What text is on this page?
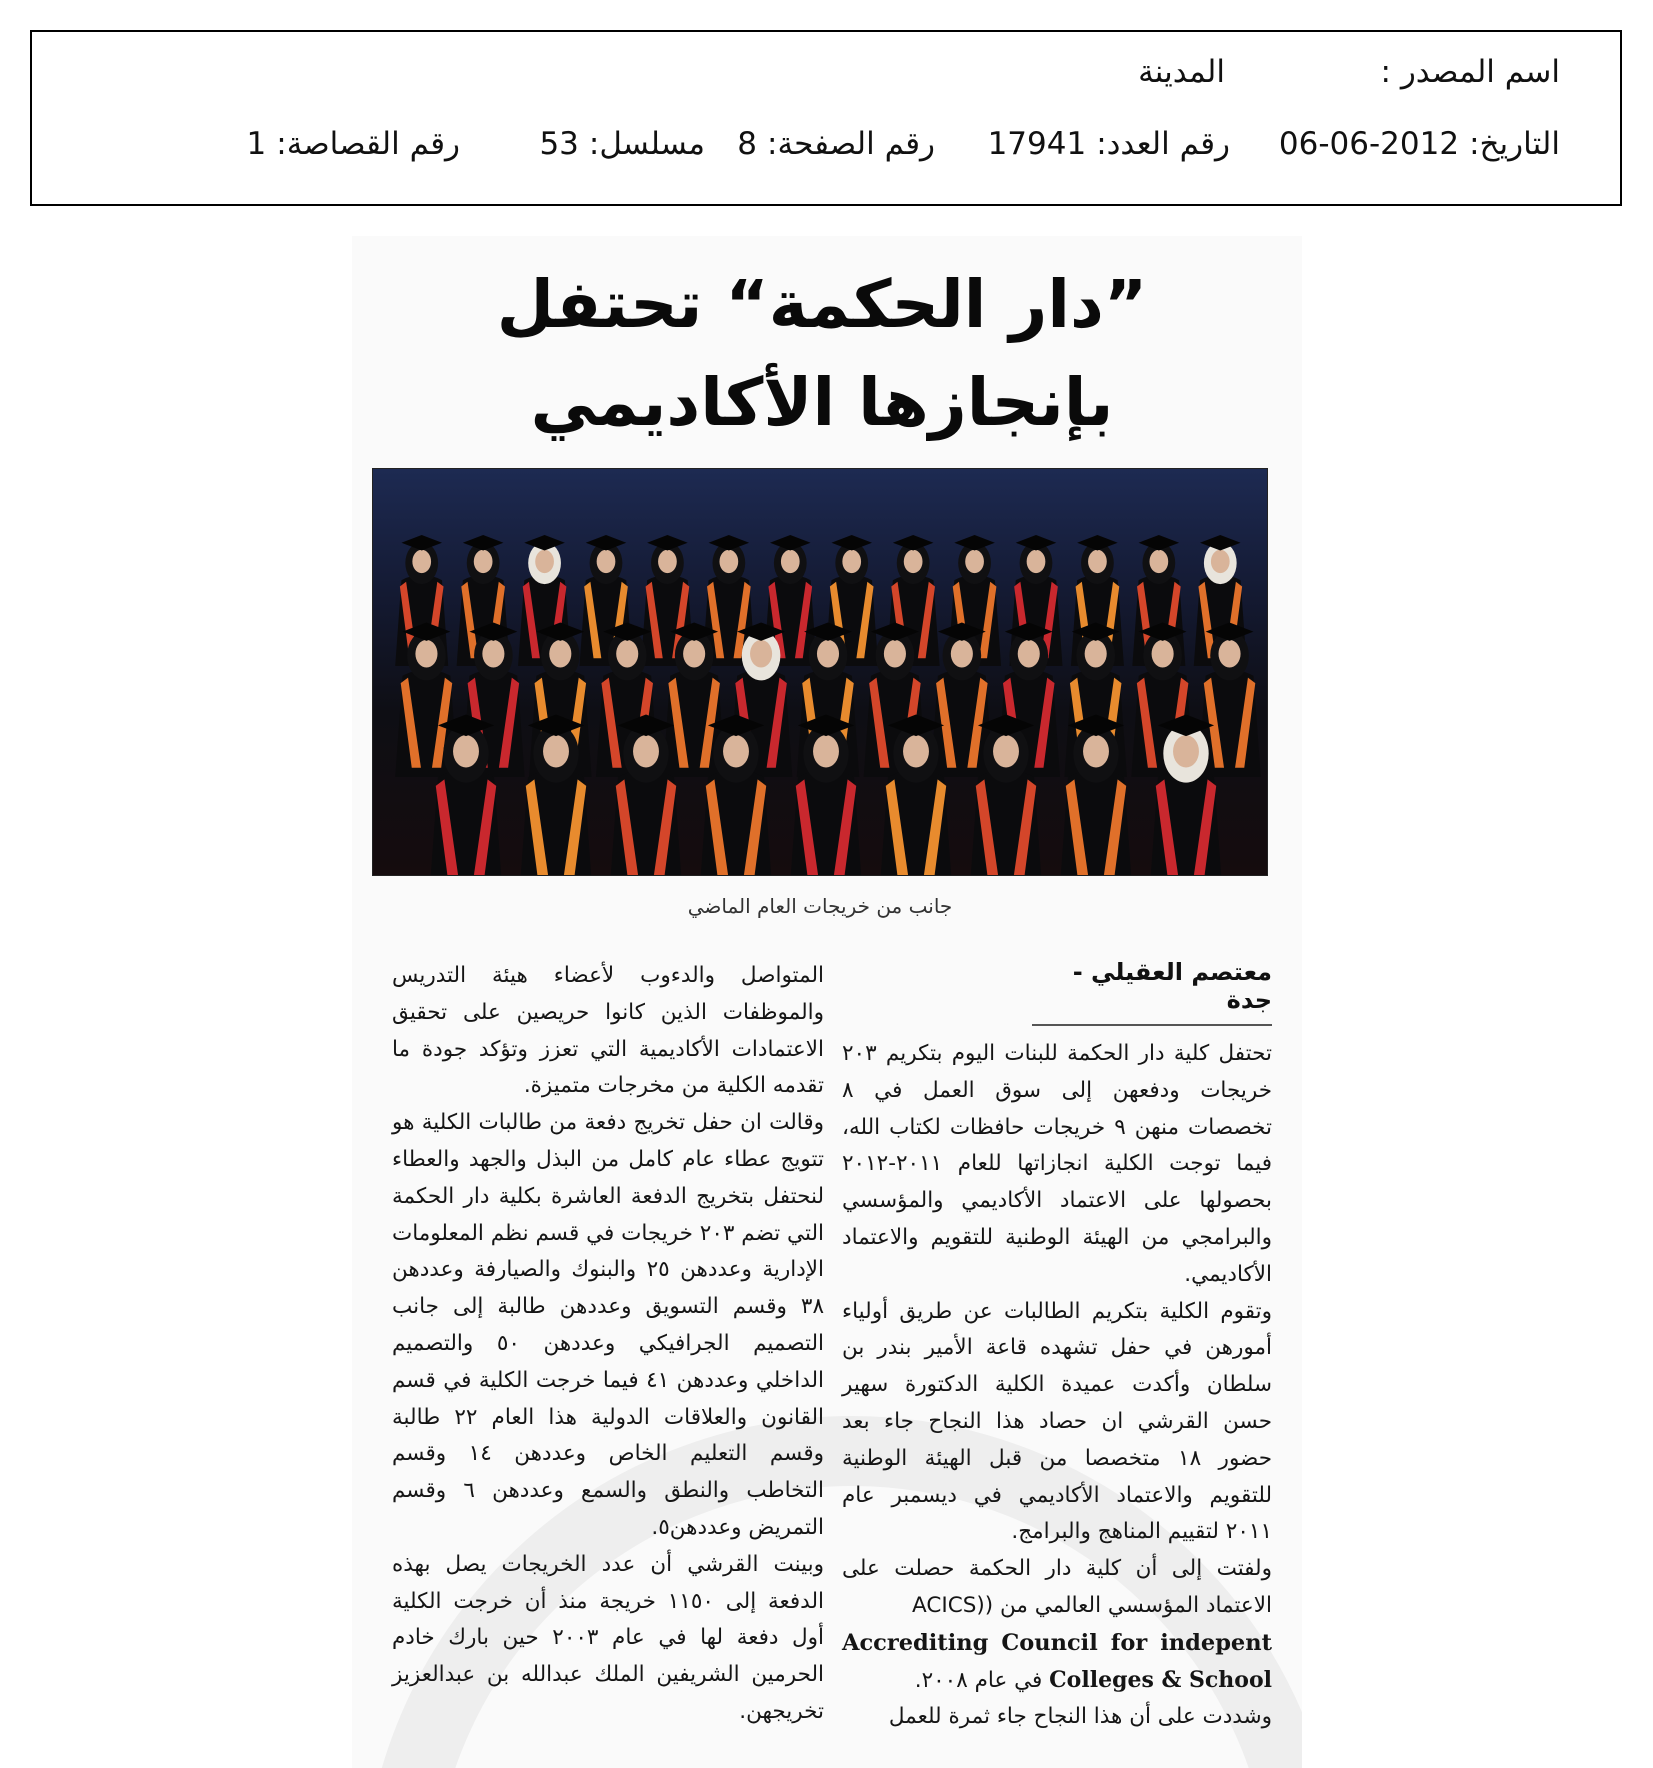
اسم المصدر :
المدينة
التاريخ:2012-06-06
رقم العدد:17941
رقم الصفحة:8
مسلسل:53
رقم القصاصة:1
”دار الحكمة“ تحتفل بإنجازها الأكاديمي
جانب من خريجات العام الماضي
معتصم العقيلي - جدة

تحتفل كلية دار الحكمة للبنات اليوم بتكريم ٢٠٣ خريجات ودفعهن إلى سوق العمل في ٨ تخصصات منهن ٩ خريجات حافظات لكتاب الله، فيما توجت الكلية انجازاتها للعام ٢٠١١-٢٠١٢ بحصولها على الاعتماد الأكاديمي والمؤسسي والبرامجي من الهيئة الوطنية للتقويم والاعتماد الأكاديمي.

وتقوم الكلية بتكريم الطالبات عن طريق أولياء أمورهن في حفل تشهده قاعة الأمير بندر بن سلطان وأكدت عميدة الكلية الدكتورة سهير حسن القرشي ان حصاد هذا النجاح جاء بعد حضور ١٨ متخصصا من قبل الهيئة الوطنية للتقويم والاعتماد الأكاديمي في ديسمبر عام ٢٠١١ لتقييم المناهج والبرامج.

ولفتت إلى أن كلية دار الحكمة حصلت على الاعتماد المؤسسي العالمي من ((ACICS

Accrediting Council for indepent

Colleges & School في عام ٢٠٠٨.

وشددت على أن هذا النجاح جاء ثمرة للعمل

المتواصل والدءوب لأعضاء هيئة التدريس والموظفات الذين كانوا حريصين على تحقيق الاعتمادات الأكاديمية التي تعزز وتؤكد جودة ما تقدمه الكلية من مخرجات متميزة.

وقالت ان حفل تخريج دفعة من طالبات الكلية هو تتويج عطاء عام كامل من البذل والجهد والعطاء لنحتفل بتخريج الدفعة العاشرة بكلية دار الحكمة التي تضم ٢٠٣ خريجات في قسم نظم المعلومات الإدارية وعددهن ٢٥ والبنوك والصيارفة وعددهن ٣٨ وقسم التسويق وعددهن طالبة إلى جانب التصميم الجرافيكي وعددهن ٥٠ والتصميم الداخلي وعددهن ٤١ فيما خرجت الكلية في قسم القانون والعلاقات الدولية هذا العام ٢٢ طالبة وقسم التعليم الخاص وعددهن ١٤ وقسم التخاطب والنطق والسمع وعددهن ٦ وقسم التمريض وعددهن٥.

وبينت القرشي أن عدد الخريجات يصل بهذه الدفعة إلى ١١٥٠ خريجة منذ أن خرجت الكلية أول دفعة لها في عام ٢٠٠٣ حين بارك خادم الحرمين الشريفين الملك عبدالله بن عبدالعزيز تخريجهن.
